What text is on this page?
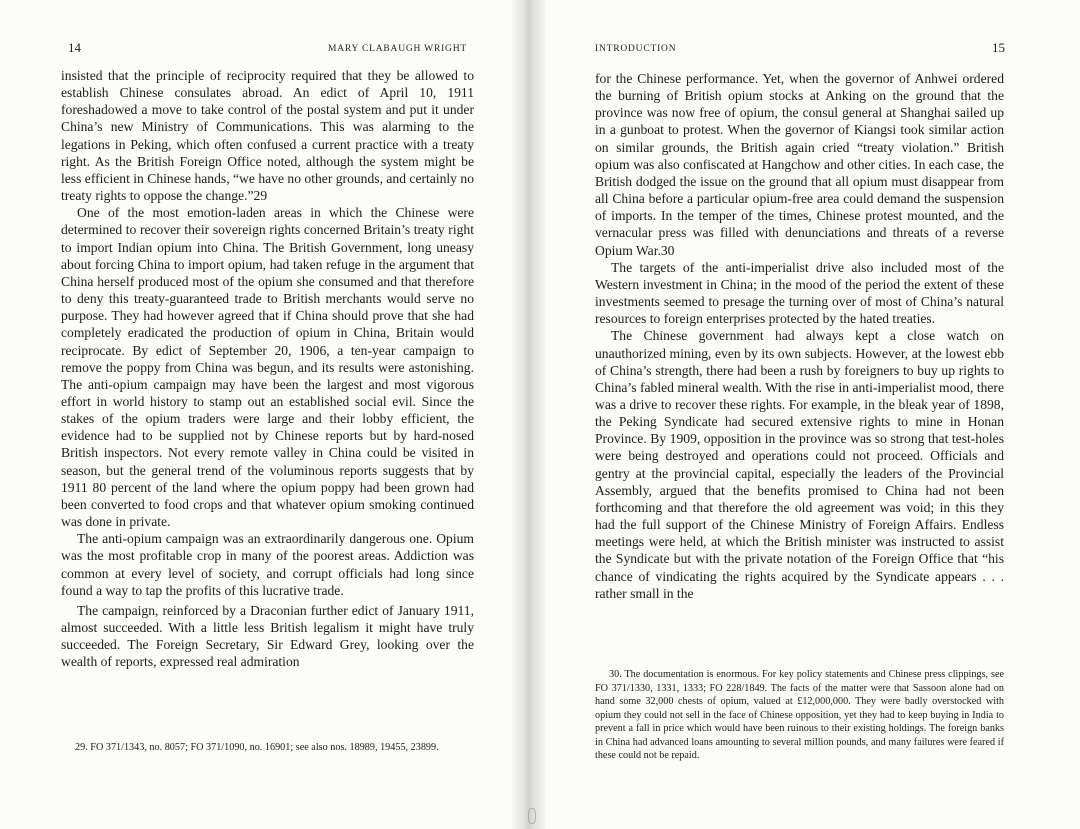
14	MARY CLABAUGH WRIGHT

insisted that the principle of reciprocity required that they be allowed to establish Chinese consulates abroad. An edict of April 10, 1911 foreshadowed a move to take control of the postal system and put it under China’s new Ministry of Communications. This was alarming to the legations in Peking, which often confused a current practice with a treaty right. As the British Foreign Office noted, although the system might be less efficient in Chinese hands, “we have no other grounds, and certainly no treaty rights to oppose the change.”29

One of the most emotion-laden areas in which the Chinese were determined to recover their sovereign rights concerned Britain’s treaty right to import Indian opium into China. The British Government, long uneasy about forcing China to import opium, had taken refuge in the argument that China herself produced most of the opium she consumed and that therefore to deny this treaty-guaranteed trade to British merchants would serve no purpose. They had however agreed that if China should prove that she had completely eradicated the production of opium in China, Britain would reciprocate. By edict of September 20, 1906, a ten-year campaign to remove the poppy from China was begun, and its results were astonishing. The anti-opium campaign may have been the largest and most vigorous effort in world history to stamp out an established social evil. Since the stakes of the opium traders were large and their lobby efficient, the evidence had to be supplied not by Chinese reports but by hard-nosed British inspectors. Not every remote valley in China could be visited in season, but the general trend of the voluminous reports suggests that by 1911 80 percent of the land where the opium poppy had been grown had been converted to food crops and that whatever opium smoking continued was done in private.

The anti-opium campaign was an extraordinarily dangerous one. Opium was the most profitable crop in many of the poorest areas. Addiction was common at every level of society, and corrupt officials had long since found a way to tap the profits of this lucrative trade.

The campaign, reinforced by a Draconian further edict of January 1911, almost succeeded. With a little less British legalism it might have truly succeeded. The Foreign Secretary, Sir Edward Grey, looking over the wealth of reports, expressed real admiration

29. FO 371/1343, no. 8057; FO 371/1090, no. 16901; see also nos. 18989, 19455, 23899.

INTRODUCTION	15

for the Chinese performance. Yet, when the governor of Anhwei ordered the burning of British opium stocks at Anking on the ground that the province was now free of opium, the consul general at Shanghai sailed up in a gunboat to protest. When the governor of Kiangsi took similar action on similar grounds, the British again cried “treaty violation.” British opium was also confiscated at Hangchow and other cities. In each case, the British dodged the issue on the ground that all opium must disappear from all China before a particular opium-free area could demand the suspension of imports. In the temper of the times, Chinese protest mounted, and the vernacular press was filled with denunciations and threats of a reverse Opium War.30

The targets of the anti-imperialist drive also included most of the Western investment in China; in the mood of the period the extent of these investments seemed to presage the turning over of most of China’s natural resources to foreign enterprises protected by the hated treaties.

The Chinese government had always kept a close watch on unauthorized mining, even by its own subjects. However, at the lowest ebb of China’s strength, there had been a rush by foreigners to buy up rights to China’s fabled mineral wealth. With the rise in anti-imperialist mood, there was a drive to recover these rights. For example, in the bleak year of 1898, the Peking Syndicate had secured extensive rights to mine in Honan Province. By 1909, opposition in the province was so strong that test-holes were being destroyed and operations could not proceed. Officials and gentry at the provincial capital, especially the leaders of the Provincial Assembly, argued that the benefits promised to China had not been forthcoming and that therefore the old agreement was void; in this they had the full support of the Chinese Ministry of Foreign Affairs. Endless meetings were held, at which the British minister was instructed to assist the Syndicate but with the private notation of the Foreign Office that “his chance of vindicating the rights acquired by the Syndicate appears . . . rather small in the

30. The documentation is enormous. For key policy statements and Chinese press clippings, see FO 371/1330, 1331, 1333; FO 228/1849. The facts of the matter were that Sassoon alone had on hand some 32,000 chests of opium, valued at £12,000,000. They were badly overstocked with opium they could not sell in the face of Chinese opposition, yet they had to keep buying in India to prevent a fall in price which would have been ruinous to their existing holdings. The foreign banks in China had advanced loans amounting to several million pounds, and many failures were feared if these could not be repaid.
